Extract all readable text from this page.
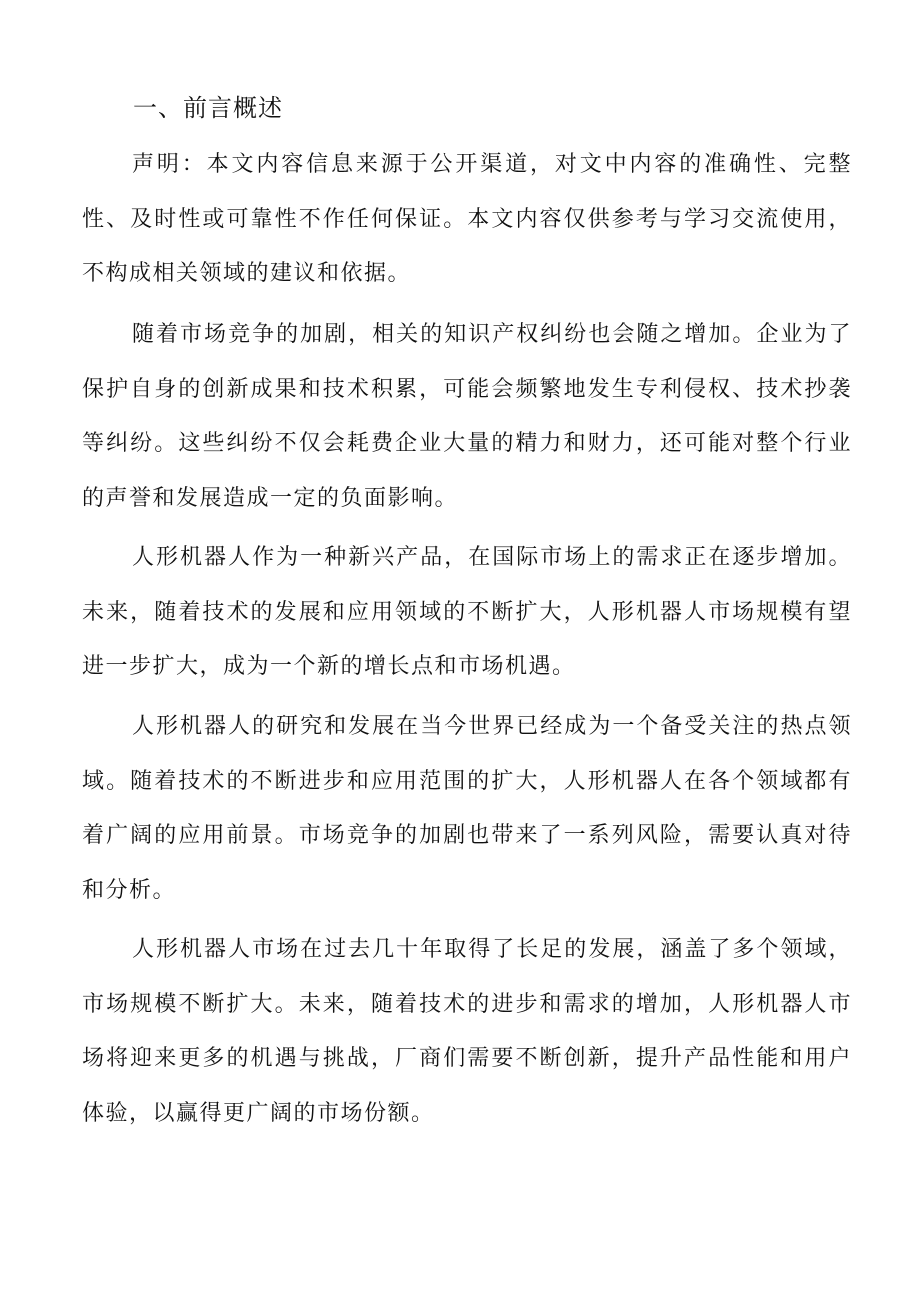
一、前言概述

声明：本文内容信息来源于公开渠道，对文中内容的准确性、完整性、及时性或可靠性不作任何保证。本文内容仅供参考与学习交流使用，不构成相关领域的建议和依据。

随着市场竞争的加剧，相关的知识产权纠纷也会随之增加。企业为了保护自身的创新成果和技术积累，可能会频繁地发生专利侵权、技术抄袭等纠纷。这些纠纷不仅会耗费企业大量的精力和财力，还可能对整个行业的声誉和发展造成一定的负面影响。

人形机器人作为一种新兴产品，在国际市场上的需求正在逐步增加。未来，随着技术的发展和应用领域的不断扩大，人形机器人市场规模有望进一步扩大，成为一个新的增长点和市场机遇。

人形机器人的研究和发展在当今世界已经成为一个备受关注的热点领域。随着技术的不断进步和应用范围的扩大，人形机器人在各个领域都有着广阔的应用前景。市场竞争的加剧也带来了一系列风险，需要认真对待和分析。

人形机器人市场在过去几十年取得了长足的发展，涵盖了多个领域，市场规模不断扩大。未来，随着技术的进步和需求的增加，人形机器人市场将迎来更多的机遇与挑战，厂商们需要不断创新，提升产品性能和用户体验，以赢得更广阔的市场份额。
